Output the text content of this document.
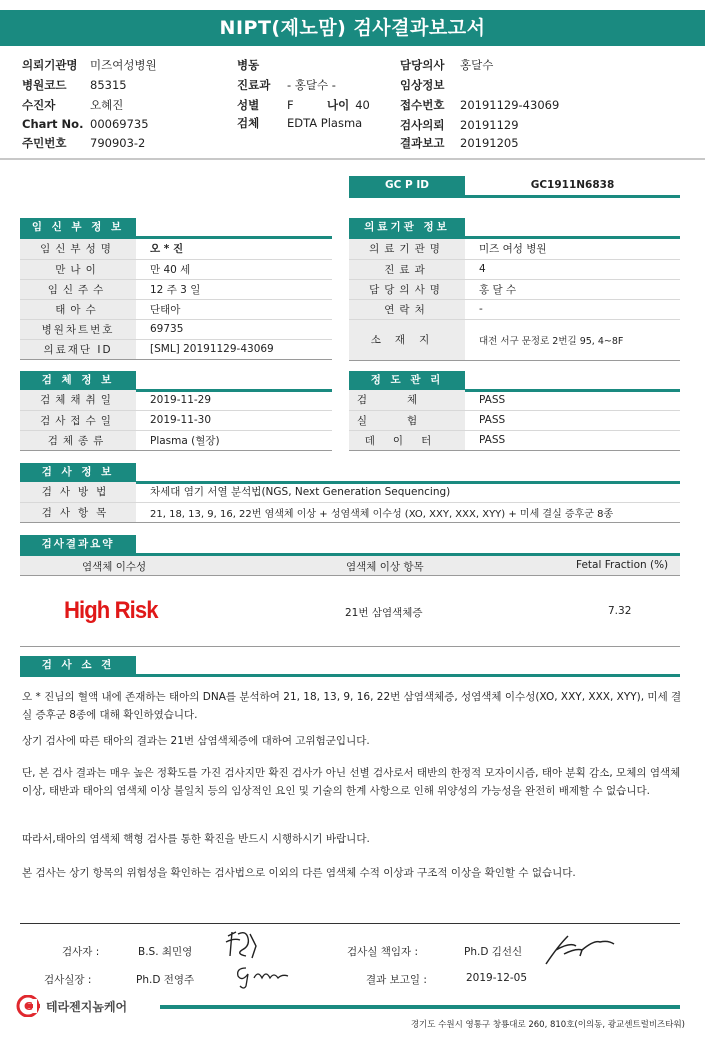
NIPT(제노맘) 검사결과보고서
의뢰기관명 미즈여성병원
병원코드 85315
수진자	오혜진
Chart No. 00069735
주민번호 790903-2
병동
진료과 - 홍달수 -
성별 F	나이 40
검체 EDTA Plasma
담당의사 홍달수
임상정보
접수번호 20191129-43069
검사의뢰 20191129
결과보고 20191205
GC P ID	GC1911N6838
임 신 부 정 보
임신부성명	오 * 진
만나이	만 40 세
임신주수	12 주 3 일
태아수	단태아
병원차트번호	69735
의료재단 ID	[SML] 20191129-43069
의료기관 정보
의료기관명	미즈 여성 병원
진료과	4
담당의사명	홍 달 수
연락처	-
소재지	대전 서구 문정로 2번길 95, 4~8F
검 체 정 보
검체채취일	2019-11-29
검사접수일	2019-11-30
검체종류	Plasma (혈장)
정 도 관 리
검체	PASS
실험	PASS
데이터	PASS
검 사 정 보
검사방법	차세대 염기 서열 분석법(NGS, Next Generation Sequencing)
검사항목	21, 18, 13, 9, 16, 22번 염색체 이상 + 성염색체 이수성 (XO, XXY, XXX, XYY) + 미세 결실 증후군 8종
검사결과요약
염색체 이수성	염색체 이상 항목	Fetal Fraction (%)
High Risk	21번 삼염색체증	7.32
검 사 소 견
오 * 진님의 혈액 내에 존재하는 태아의 DNA를 분석하여 21, 18, 13, 9, 16, 22번 삼염색체증, 성염색체 이수성(XO, XXY, XXX, XYY), 미세 결실 증후군 8종에 대해 확인하였습니다.
상기 검사에 따른 태아의 결과는 21번 삼염색체증에 대하여 고위험군입니다.
단, 본 검사 결과는 매우 높은 정확도를 가진 검사지만 확진 검사가 아닌 선별 검사로서 태반의 한정적 모자이시즘, 태아 분획 감소, 모체의 염색체 이상, 태반과 태아의 염색체 이상 불일치 등의 임상적인 요인 및 기술의 한계 사항으로 인해 위양성의 가능성을 완전히 배제할 수 없습니다.
따라서,태아의 염색체 핵형 검사를 통한 확진을 반드시 시행하시기 바랍니다.
본 검사는 상기 항목의 위험성을 확인하는 검사법으로 이외의 다른 염색체 수적 이상과 구조적 이상을 확인할 수 없습니다.
검사자 :	B.S. 최민영
검사실장 :	Ph.D 전영주
검사실 책임자 :	Ph.D 김선신
결과 보고일 :	2019-12-05
G 테라젠지놈케어
경기도 수원시 영통구 창룡대로 260, 810호(이의동, 광교센트럴비즈타워)
